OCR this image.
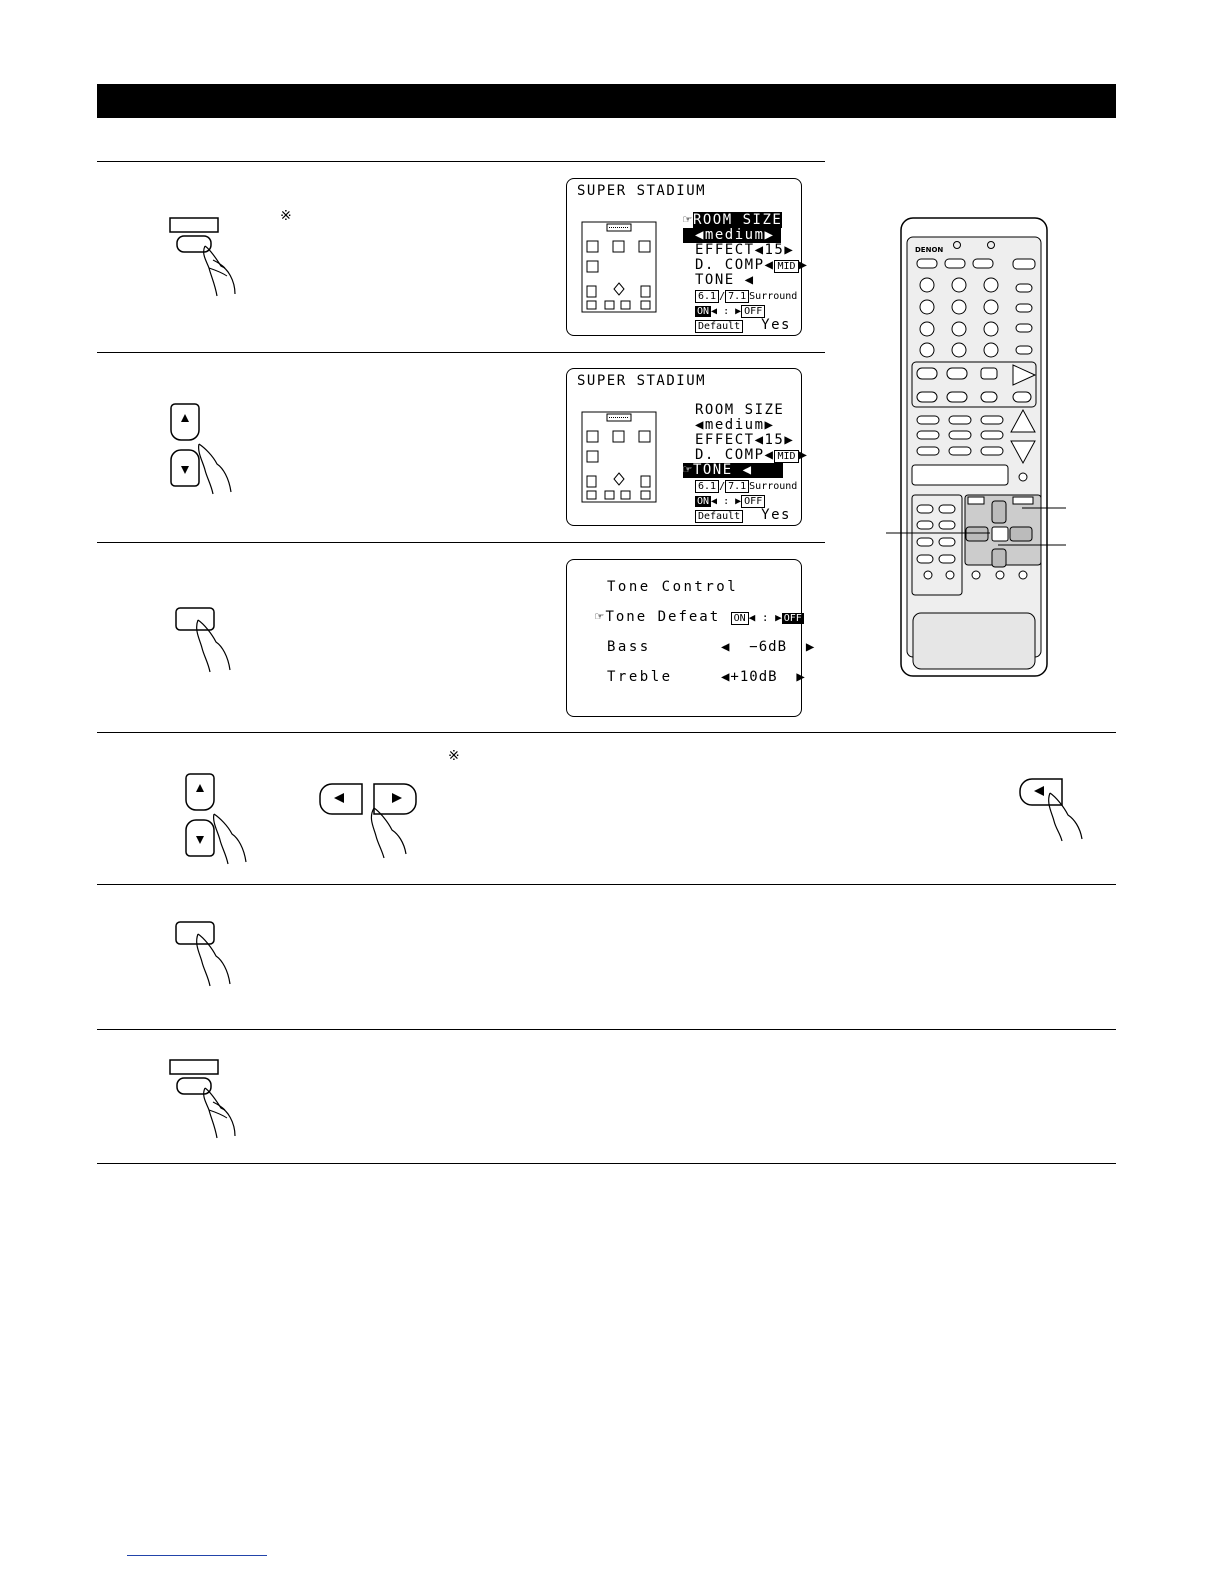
※
※
SUPER STADIUM
☞ROOM SIZE
◀medium▶
EFFECT◀15▶
D. COMP◀ MID ▶
TONE ◀
6.1 / 7.1 Surround
ON ◀ : ▶ OFF
Default Yes
SUPER STADIUM
ROOM SIZE
◀medium▶
EFFECT◀15▶
D. COMP◀ MID ▶
☞TONE ◀
6.1 / 7.1 Surround
ON ◀ : ▶ OFF
Default Yes
Tone Control
☞Tone Defeat ON ◀ : ▶ OFF
Bass	◀  −6dB  ▶
Treble	◀+10dB  ▶
DENON
